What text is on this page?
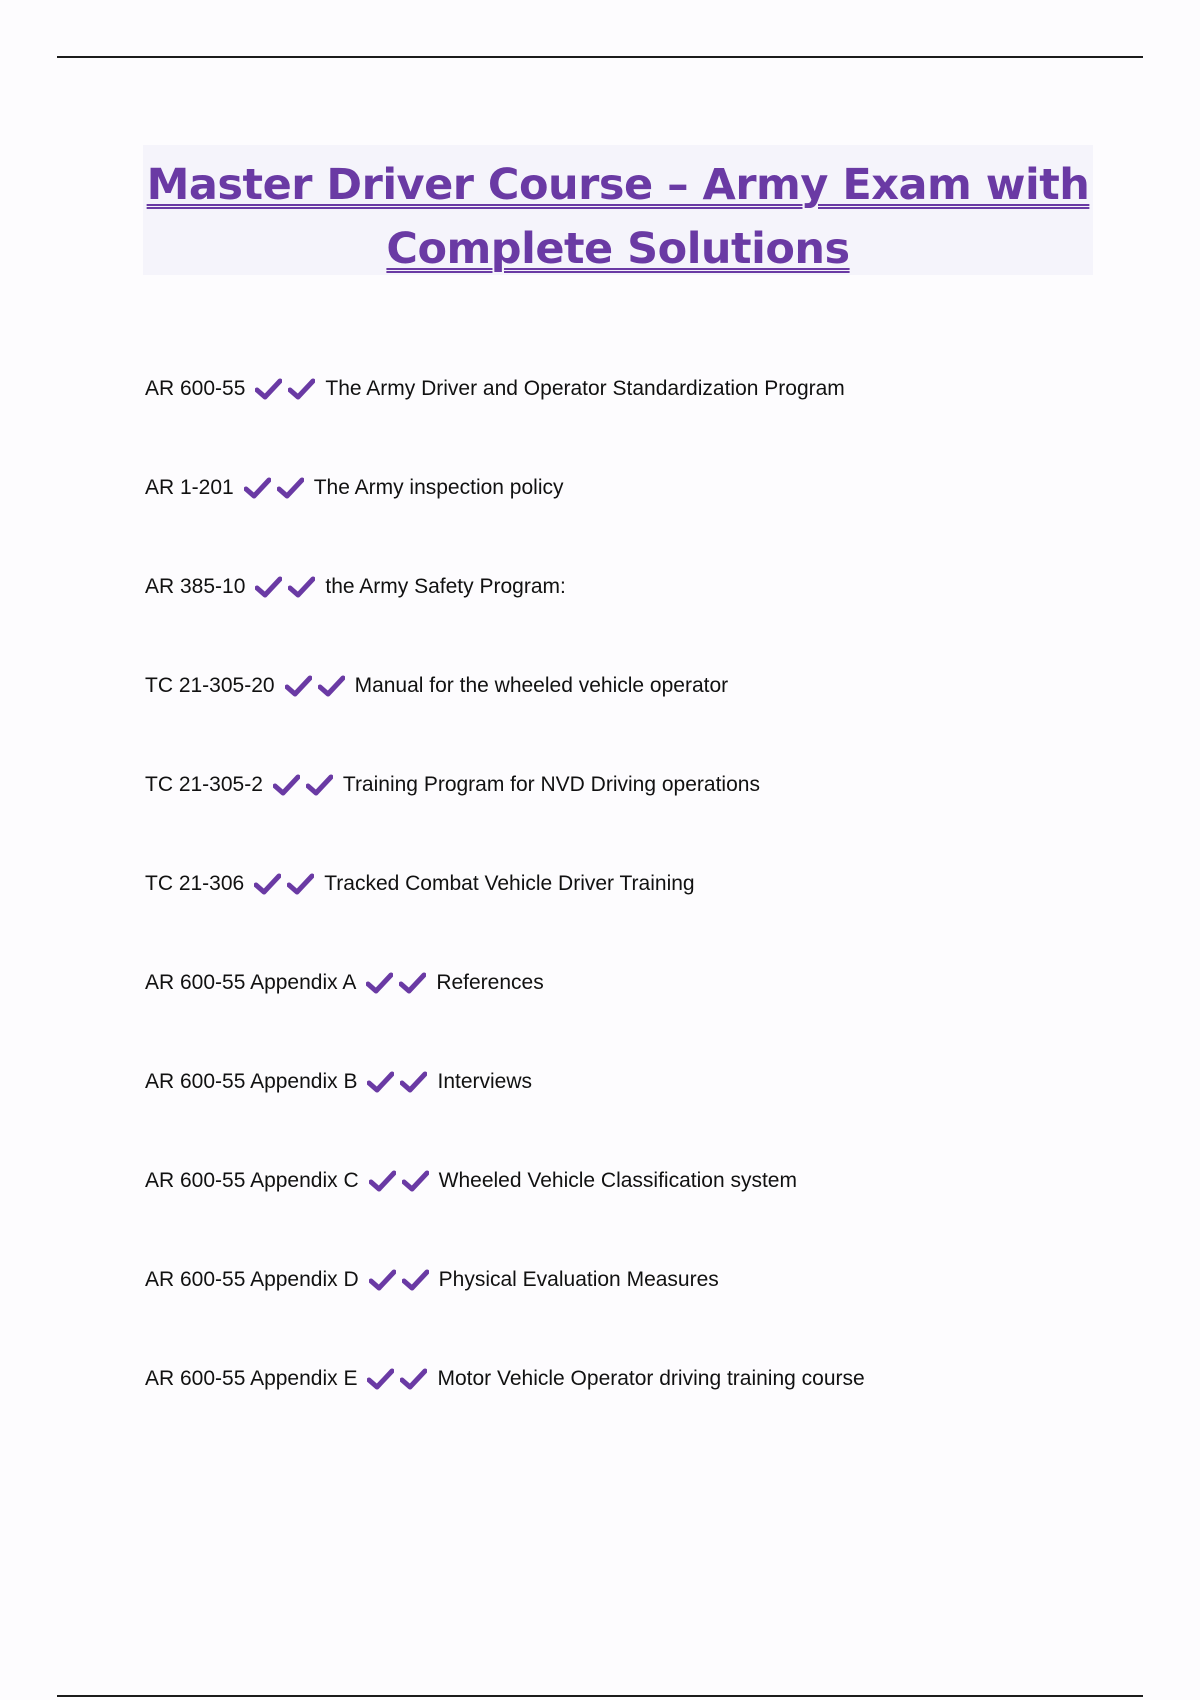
Master Driver Course – Army Exam with Complete Solutions
AR 600-55	The Army Driver and Operator Standardization Program
AR 1-201	The Army inspection policy
AR 385-10	the Army Safety Program:
TC 21-305-20	Manual for the wheeled vehicle operator
TC 21-305-2	Training Program for NVD Driving operations
TC 21-306	Tracked Combat Vehicle Driver Training
AR 600-55 Appendix A	References
AR 600-55 Appendix B	Interviews
AR 600-55 Appendix C	Wheeled Vehicle Classification system
AR 600-55 Appendix D	Physical Evaluation Measures
AR 600-55 Appendix E	Motor Vehicle Operator driving training course
